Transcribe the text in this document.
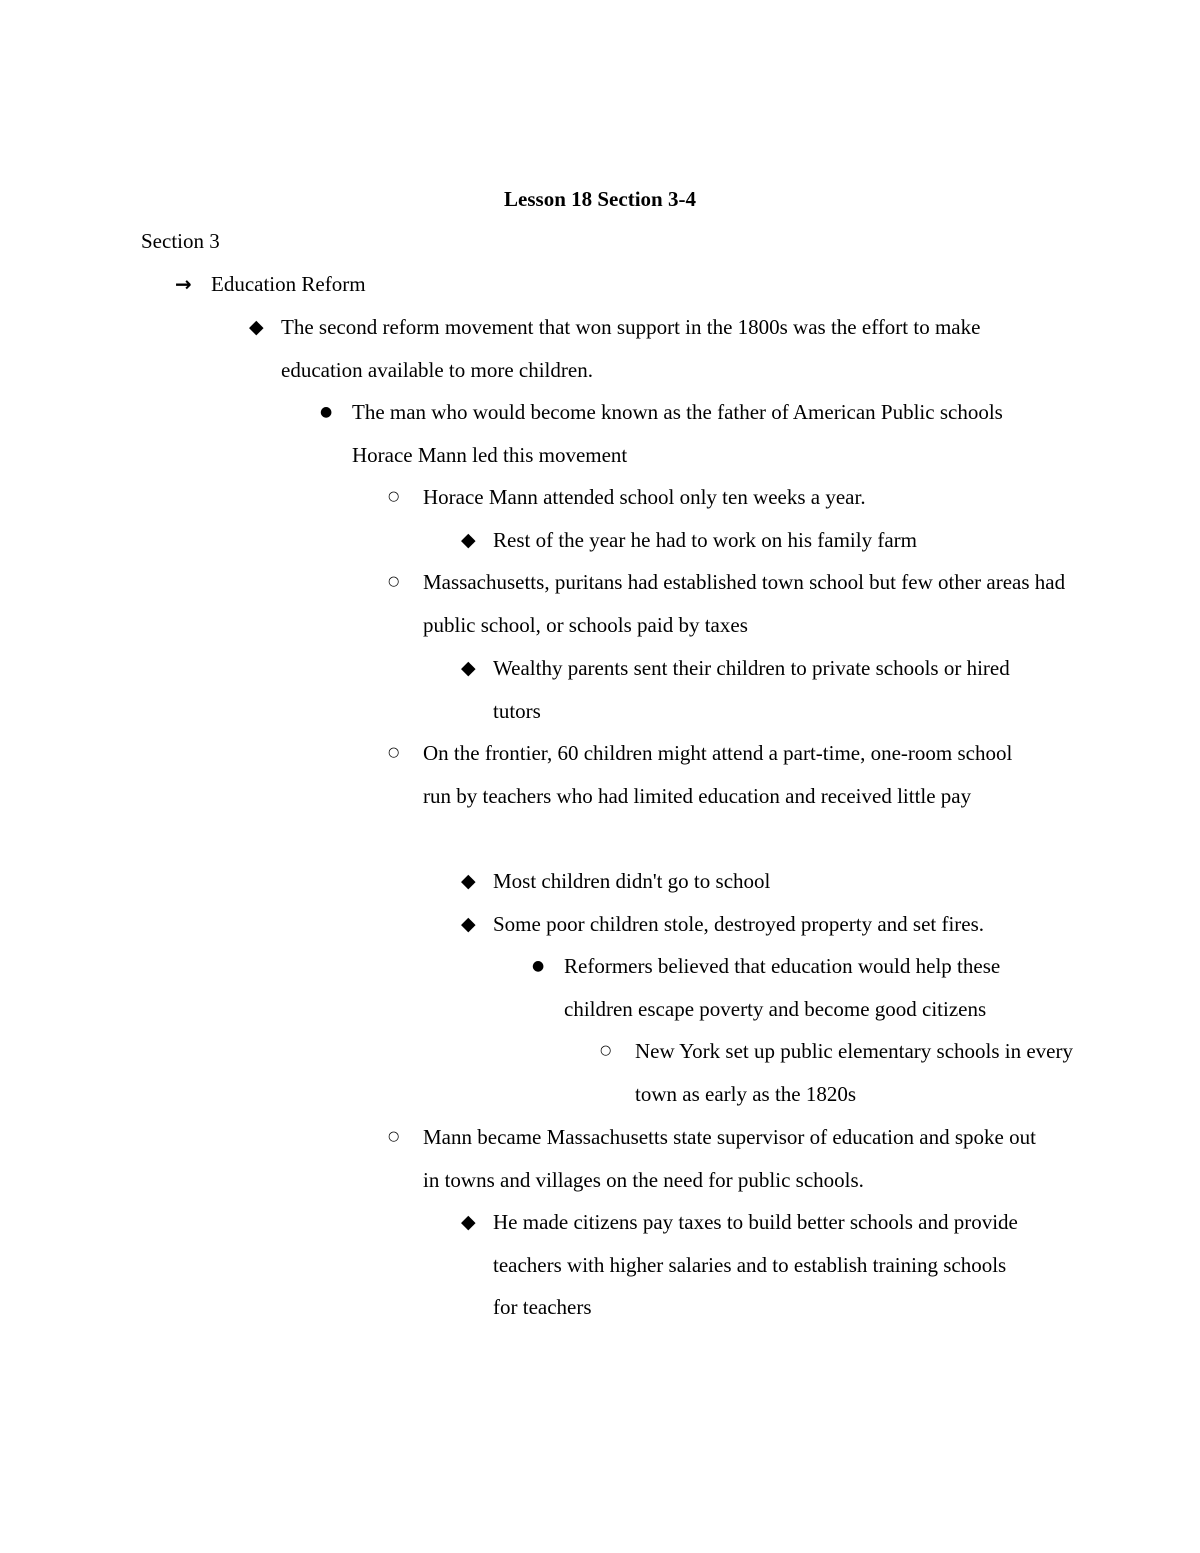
Lesson 18 Section 3-4
Section 3
→ Education Reform
◆ The second reform movement that won support in the 1800s was the effort to make education available to more children.
● The man who would become known as the father of American Public schools Horace Mann led this movement
○ Horace Mann attended school only ten weeks a year.
◆ Rest of the year he had to work on his family farm
○ Massachusetts, puritans had established town school but few other areas had public school, or schools paid by taxes
◆ Wealthy parents sent their children to private schools or hired tutors
○ On the frontier, 60 children might attend a part-time, one-room school run by teachers who had limited education and received little pay
◆ Most children didn't go to school
◆ Some poor children stole, destroyed property and set fires.
● Reformers believed that education would help these children escape poverty and become good citizens
○ New York set up public elementary schools in every town as early as the 1820s
○ Mann became Massachusetts state supervisor of education and spoke out in towns and villages on the need for public schools.
◆ He made citizens pay taxes to build better schools and provide teachers with higher salaries and to establish training schools for teachers
